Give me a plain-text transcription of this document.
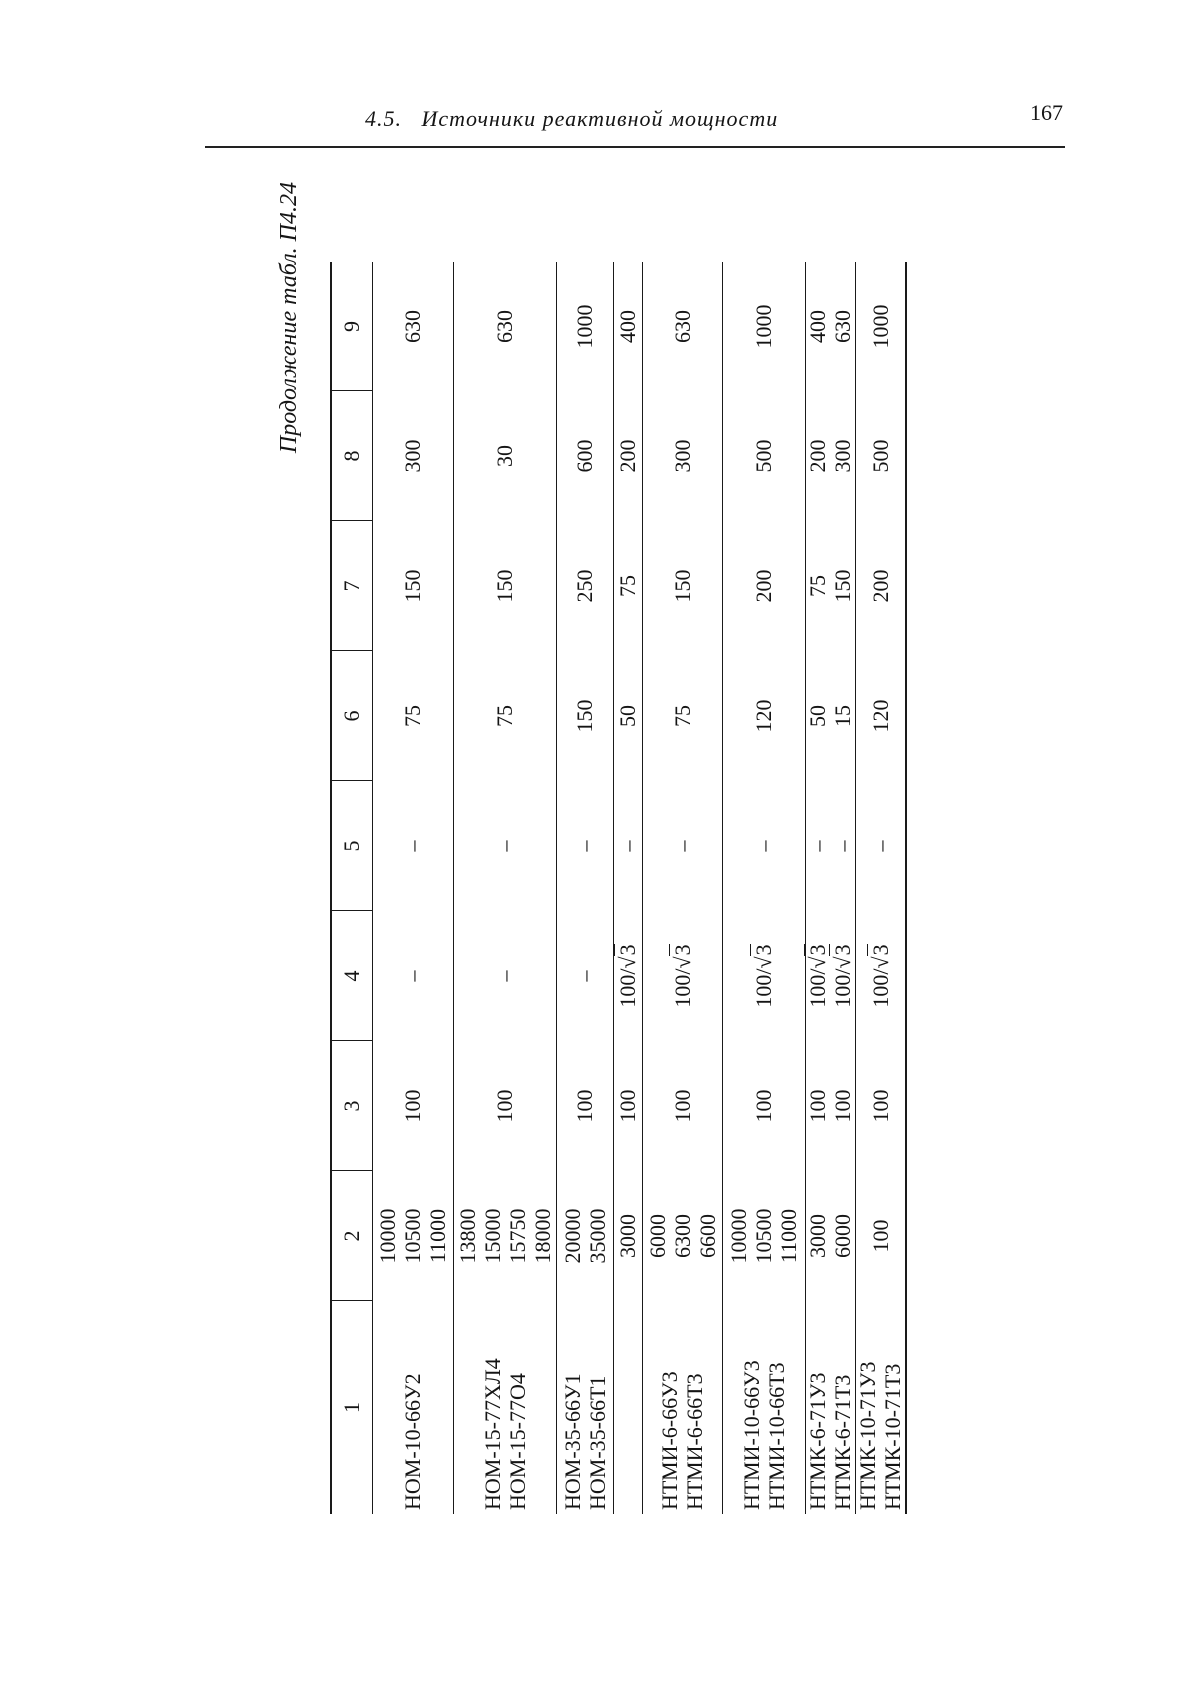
4.5. Источники реактивной мощности	167
Продолжение табл. П4.24
1
2
3
4
5
6
7
8
9
НОМ-10-66У2
10000 10500 11000
100
–
–
75
150
300
630
НОМ-15-77ХЛ4 НОМ-15-77О4
13800 15000 15750 18000
100
–
–
75
150
30
630
НОМ-35-66У1 НОМ-35-66Т1
20000 35000
100
–
–
150
250
600
1000
3000
100
100/√3
–
50
75
200
400
НТМИ-6-66У3 НТМИ-6-66Т3
6000 6300 6600
100
100/√3
–
75
150
300
630
НТМИ-10-66У3 НТМИ-10-66Т3
10000 10500 11000
100
100/√3
–
120
200
500
1000
НТМК-6-71У3 НТМК-6-71Т3
3000 6000
100 100
100/√3
100/√3
– –
50 15
75 150
200 300
400 630
НТМК-10-71У3 НТМК-10-71Т3
100
100
100/√3
–
120
200
500
1000
